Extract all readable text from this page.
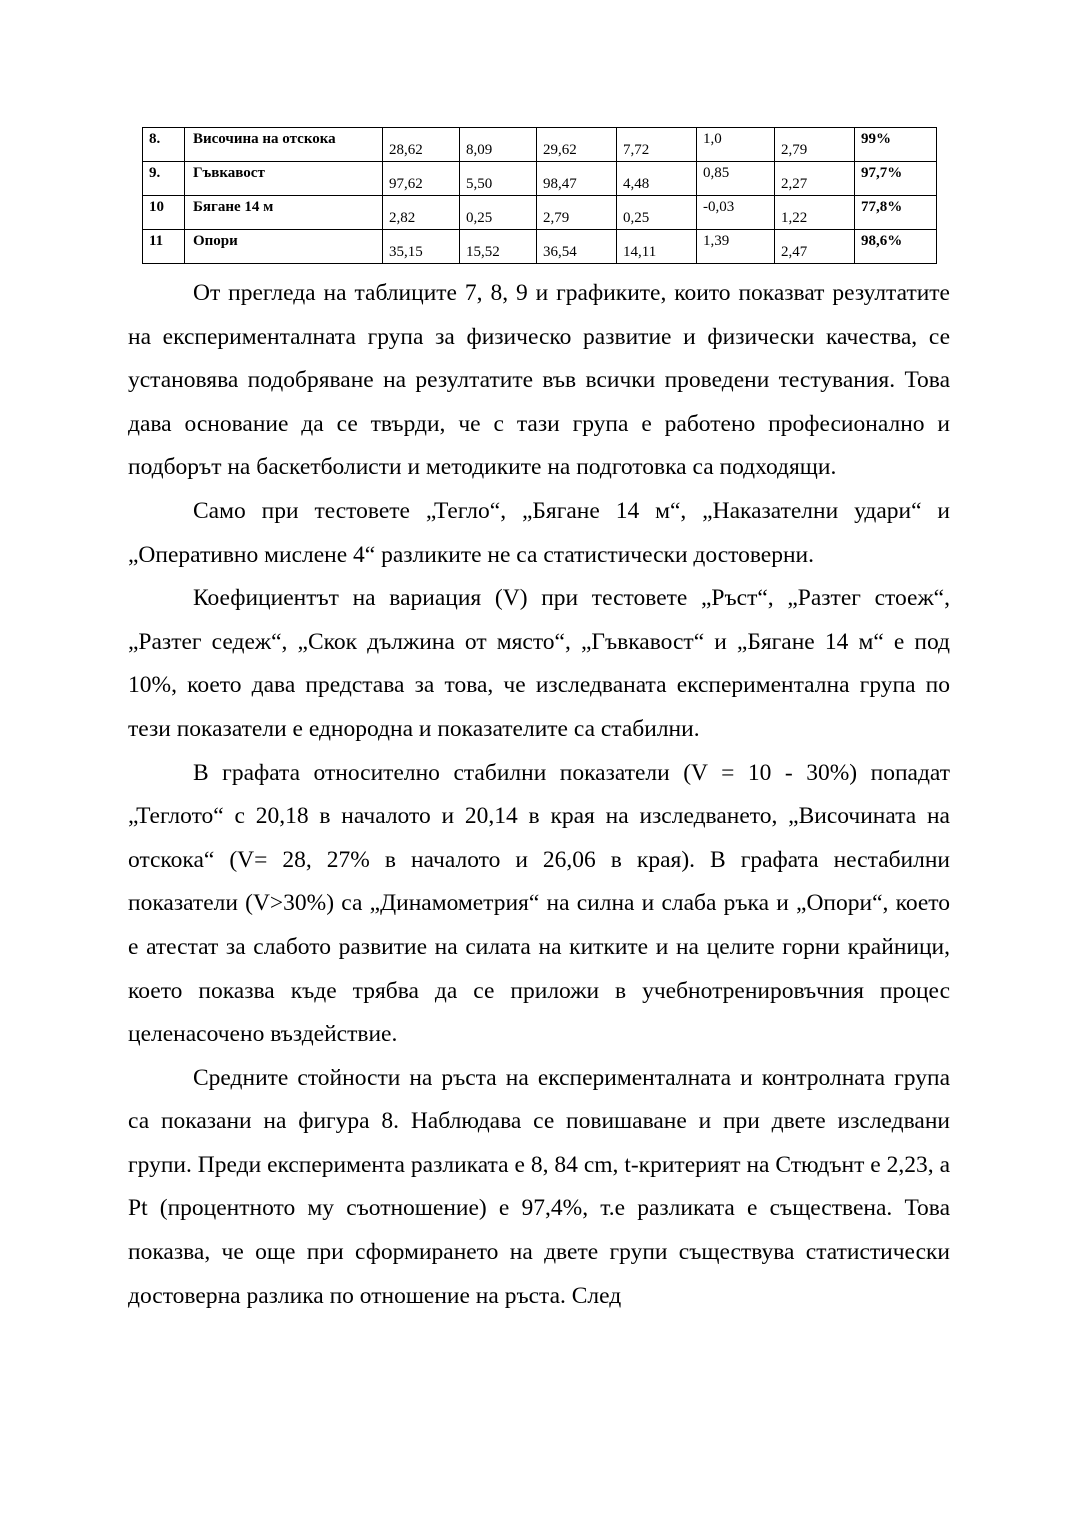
8.	Височина на отскока	28,62	8,09	29,62	7,72	1,0	2,79	99%
9.	Гъвкавост	97,62	5,50	98,47	4,48	0,85	2,27	97,7%
10	Бягане 14 м	2,82	0,25	2,79	0,25	-0,03	1,22	77,8%
11	Опори	35,15	15,52	36,54	14,11	1,39	2,47	98,6%

От прегледа на таблиците 7, 8, 9 и графиките, които показват резултатите на експерименталната група за физическо развитие и физически качества, се установява подобряване на резултатите във всички проведени тестувания. Това дава основание да се твърди, че с тази група е работено професионално и подборът на баскетболисти и методиките на подготовка са подходящи.

Само при тестовете „Тегло“, „Бягане 14 м“, „Наказателни удари“ и „Оперативно мислене 4“ разликите не са статистически достоверни.

Коефициентът на вариация (V) при тестовете „Ръст“, „Разтег стоеж“, „Разтег седеж“, „Скок дължина от място“, „Гъвкавост“ и „Бягане 14 м“ е под 10%, което дава представа за това, че изследваната експериментална група по тези показатели е еднородна и показателите са стабилни.

В графата относително стабилни показатели (V = 10 - 30%) попадат „Теглото“ с 20,18 в началото и 20,14 в края на изследването, „Височината на отскока“ (V= 28, 27% в началото и 26,06 в края). В графата нестабилни показатели (V>30%) са „Динамометрия“ на силна и слаба ръка и „Опори“, което е атестат за слабото развитие на силата на китките и на целите горни крайници, което показва къде трябва да се приложи в учебнотренировъчния процес целенасочено въздействие.

Средните стойности на ръста на експерименталната и контролната група са показани на фигура 8. Наблюдава се повишаване и при двете изследвани групи. Преди експеримента разликата е 8, 84 cm, t-критерият на Стюдънт е 2,23, а Pt (процентното му съотношение) е 97,4%, т.е разликата е съществена. Това показва, че още при сформирането на двете групи съществува статистически достоверна разлика по отношение на ръста. След
